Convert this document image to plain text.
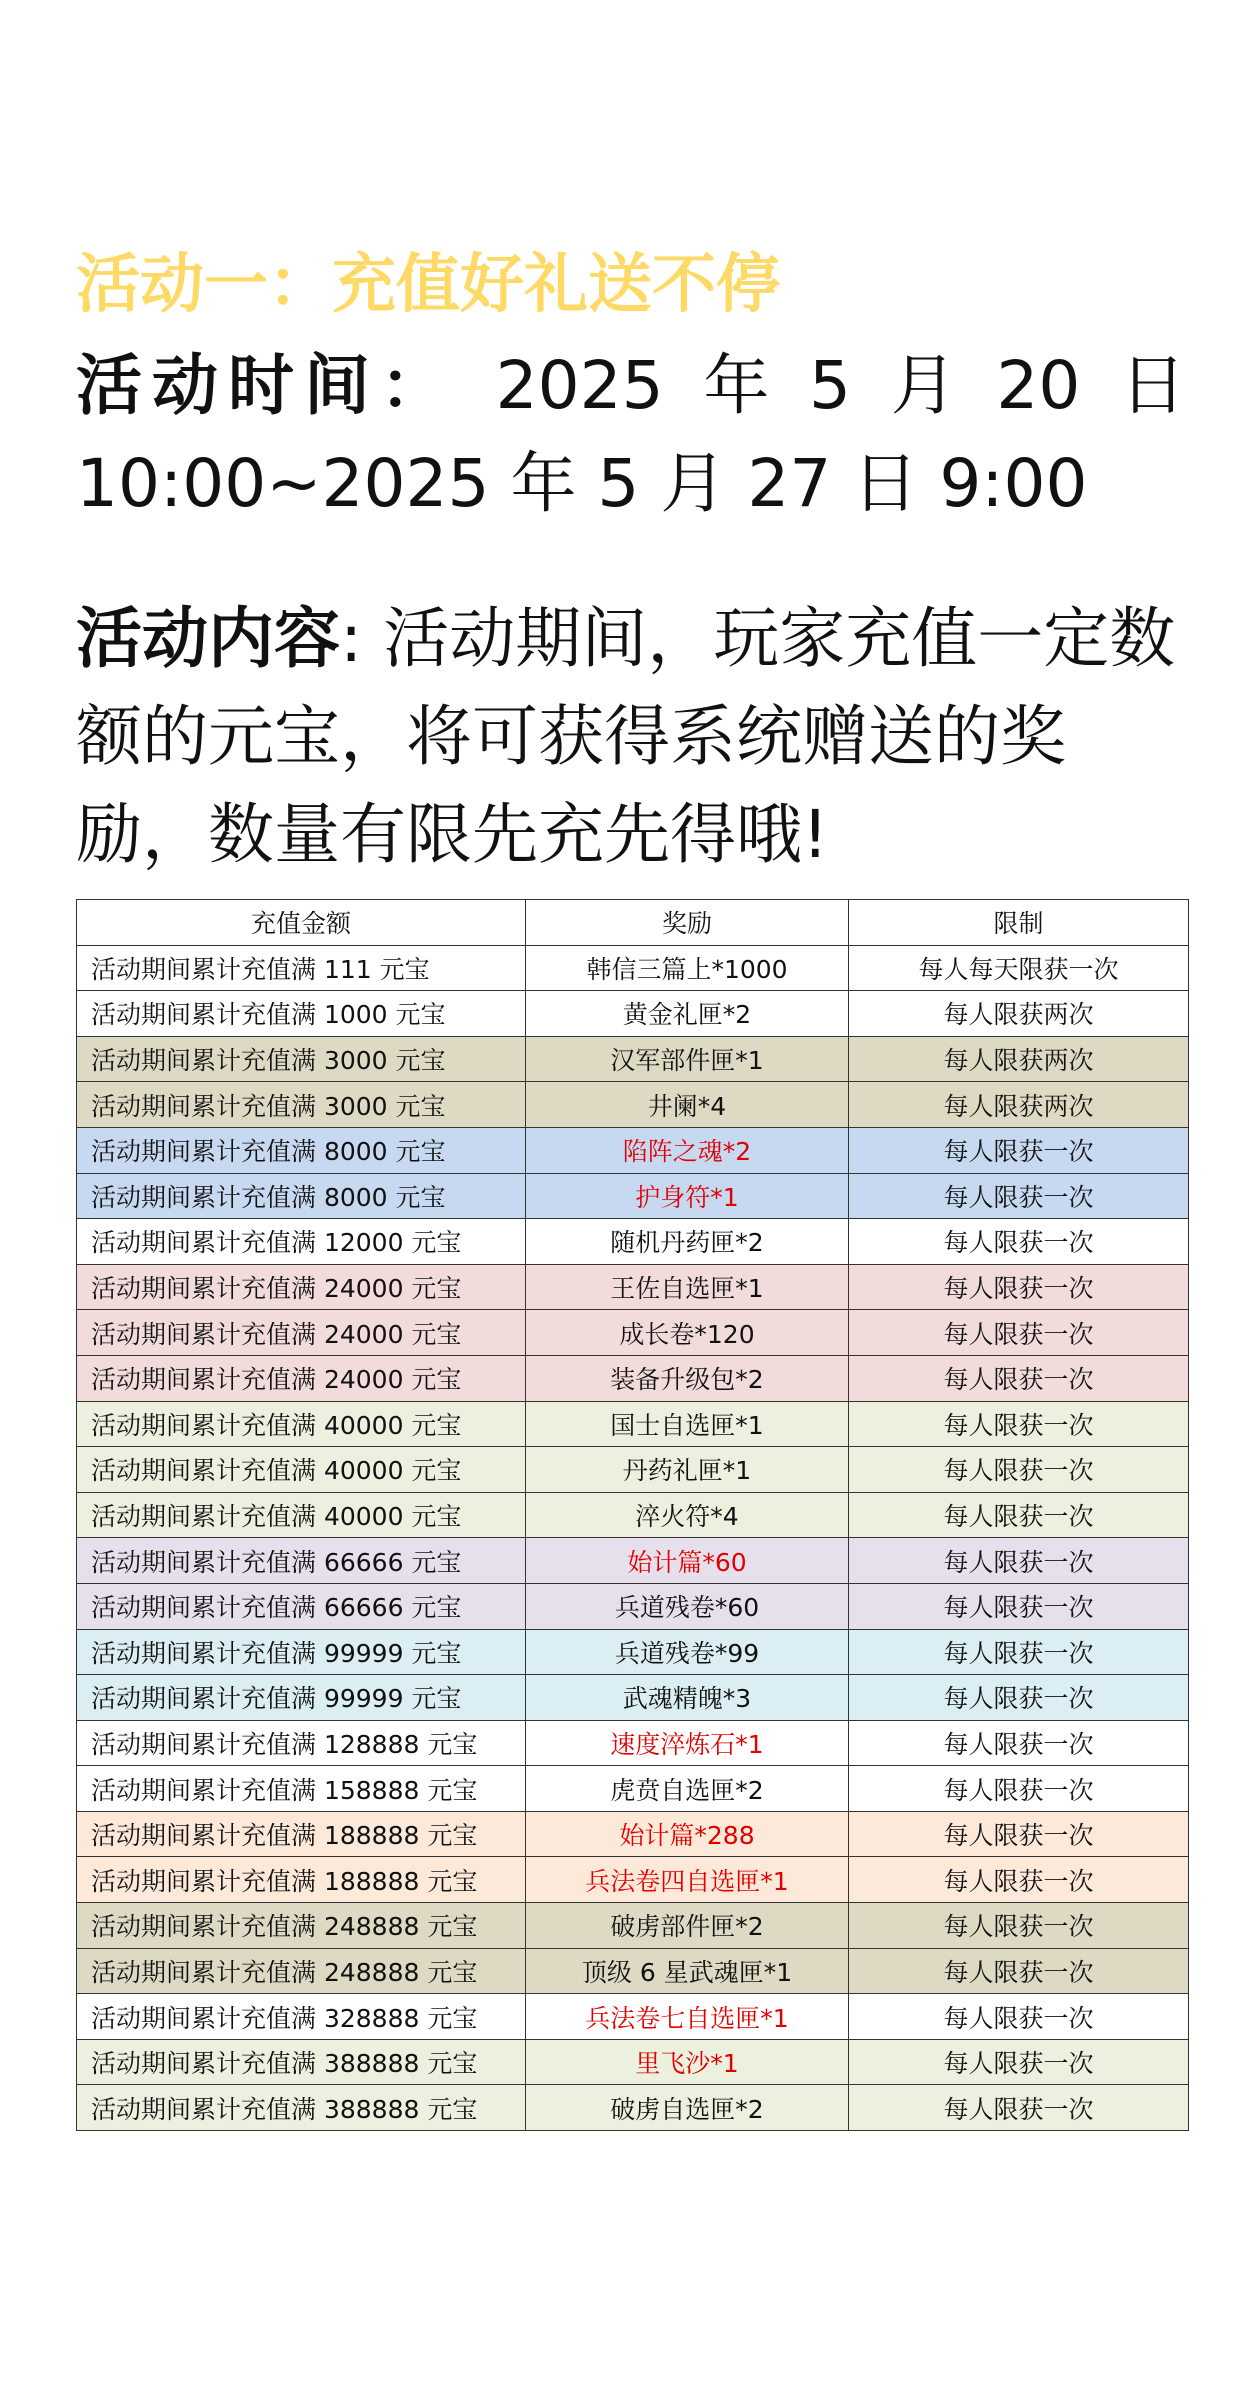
活动一：充值好礼送不停
活动时间： 2025 年 5 月 20 日
10:00~2025 年 5 月 27 日 9:00
活动内容: 活动期间，玩家充值一定数额的元宝，将可获得系统赠送的奖励，数量有限先充先得哦!
充值金额	奖励	限制
活动期间累计充值满 111 元宝	韩信三篇上*1000	每人每天限获一次
活动期间累计充值满 1000 元宝	黄金礼匣*2	每人限获两次
活动期间累计充值满 3000 元宝	汉军部件匣*1	每人限获两次
活动期间累计充值满 3000 元宝	井阑*4	每人限获两次
活动期间累计充值满 8000 元宝	陷阵之魂*2	每人限获一次
活动期间累计充值满 8000 元宝	护身符*1	每人限获一次
活动期间累计充值满 12000 元宝	随机丹药匣*2	每人限获一次
活动期间累计充值满 24000 元宝	王佐自选匣*1	每人限获一次
活动期间累计充值满 24000 元宝	成长卷*120	每人限获一次
活动期间累计充值满 24000 元宝	装备升级包*2	每人限获一次
活动期间累计充值满 40000 元宝	国士自选匣*1	每人限获一次
活动期间累计充值满 40000 元宝	丹药礼匣*1	每人限获一次
活动期间累计充值满 40000 元宝	淬火符*4	每人限获一次
活动期间累计充值满 66666 元宝	始计篇*60	每人限获一次
活动期间累计充值满 66666 元宝	兵道残卷*60	每人限获一次
活动期间累计充值满 99999 元宝	兵道残卷*99	每人限获一次
活动期间累计充值满 99999 元宝	武魂精魄*3	每人限获一次
活动期间累计充值满 128888 元宝	速度淬炼石*1	每人限获一次
活动期间累计充值满 158888 元宝	虎贲自选匣*2	每人限获一次
活动期间累计充值满 188888 元宝	始计篇*288	每人限获一次
活动期间累计充值满 188888 元宝	兵法卷四自选匣*1	每人限获一次
活动期间累计充值满 248888 元宝	破虏部件匣*2	每人限获一次
活动期间累计充值满 248888 元宝	顶级 6 星武魂匣*1	每人限获一次
活动期间累计充值满 328888 元宝	兵法卷七自选匣*1	每人限获一次
活动期间累计充值满 388888 元宝	里飞沙*1	每人限获一次
活动期间累计充值满 388888 元宝	破虏自选匣*2	每人限获一次
